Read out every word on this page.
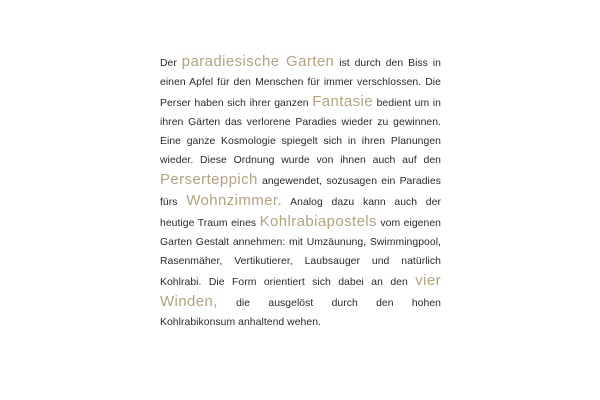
Der paradiesische Garten ist durch den Biss in einen Apfel für den Menschen für immer verschlossen. Die Perser haben sich ihrer ganzen Fantasie bedient um in ihren Gärten das verlorene Paradies wieder zu gewinnen. Eine ganze Kosmologie spiegelt sich in ihren Planungen wieder. Diese Ordnung wurde von ihnen auch auf den Perserteppich angewendet, sozusagen ein Paradies fürs Wohnzimmer. Analog dazu kann auch der heutige Traum eines Kohlrabiapostels vom eigenen Garten Gestalt annehmen: mit Umzäunung, Swimmingpool, Rasenmäher, Vertikutierer, Laubsauger und natürlich Kohlrabi. Die Form orientiert sich dabei an den vier Winden, die ausgelöst durch den hohen Kohlrabikonsum anhaltend wehen.
